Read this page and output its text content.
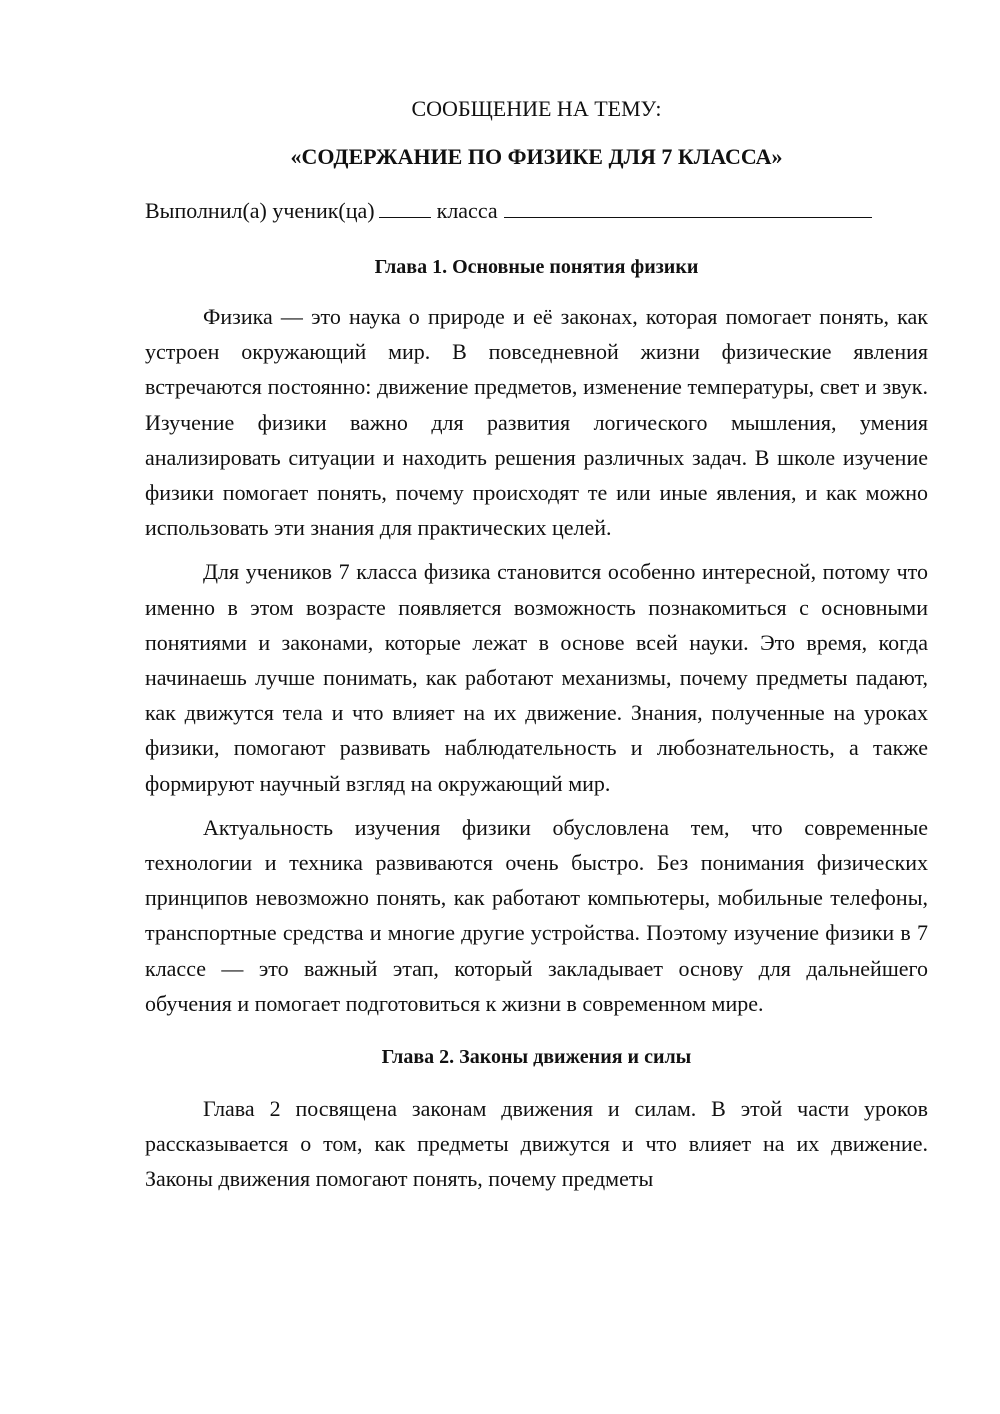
СООБЩЕНИЕ НА ТЕМУ:

«СОДЕРЖАНИЕ ПО ФИЗИКЕ ДЛЯ 7 КЛАССА»

Выполнил(а) ученик(ца)	класса

Глава 1. Основные понятия физики

Физика — это наука о природе и её законах, которая помогает понять, как устроен окружающий мир. В повседневной жизни физические явления встречаются постоянно: движение предметов, изменение температуры, свет и звук. Изучение физики важно для развития логического мышления, умения анализировать ситуации и находить решения различных задач. В школе изучение физики помогает понять, почему происходят те или иные явления, и как можно использовать эти знания для практических целей.

Для учеников 7 класса физика становится особенно интересной, потому что именно в этом возрасте появляется возможность познакомиться с основными понятиями и законами, которые лежат в основе всей науки. Это время, когда начинаешь лучше понимать, как работают механизмы, почему предметы падают, как движутся тела и что влияет на их движение. Знания, полученные на уроках физики, помогают развивать наблюдательность и любознательность, а также формируют научный взгляд на окружающий мир.

Актуальность изучения физики обусловлена тем, что современные технологии и техника развиваются очень быстро. Без понимания физических принципов невозможно понять, как работают компьютеры, мобильные телефоны, транспортные средства и многие другие устройства. Поэтому изучение физики в 7 классе — это важный этап, который закладывает основу для дальнейшего обучения и помогает подготовиться к жизни в современном мире.

Глава 2. Законы движения и силы

Глава 2 посвящена законам движения и силам. В этой части уроков рассказывается о том, как предметы движутся и что влияет на их движение. Законы движения помогают понять, почему предметы
